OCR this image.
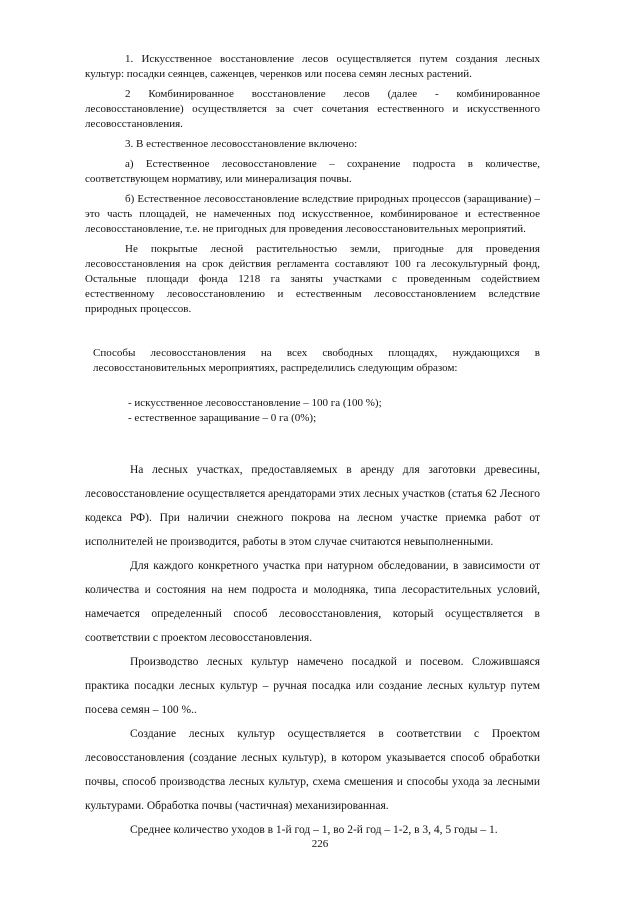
1. Искусственное восстановление лесов осуществляется путем создания лесных культур: посадки сеянцев, саженцев, черенков или посева семян лесных растений.

2 Комбинированное восстановление лесов (далее - комбинированное лесовосстановление) осуществляется за счет сочетания естественного и искусственного лесовосстановления.

3. В естественное лесовосстановление включено:

а) Естественное лесовосстановление – сохранение подроста в количестве, соответствующем нормативу, или минерализация почвы.

б) Естественное лесовосстановление вследствие природных процессов (заращивание) – это часть площадей, не намеченных под искусственное, комбинированое и естественное лесовосстановление, т.е. не пригодных для проведения лесовосстановительных мероприятий.

Не покрытые лесной растительностью земли, пригодные для проведения лесовосстановления на срок действия регламента составляют 100 га лесокультурный фонд, Остальные площади фонда 1218 га заняты участками с проведенным содействием естественному лесовосстановлению и естественным лесовосстановлением вследствие природных процессов.

Способы лесовосстановления на всех свободных площадях, нуждающихся в лесовосстановительных мероприятиях, распределились следующим образом:

- искусственное лесовосстановление – 100 га (100 %);

- естественное заращивание – 0 га (0%);

На лесных участках, предоставляемых в аренду для заготовки древесины, лесовосстановление осуществляется арендаторами этих лесных участков (статья 62 Лесного кодекса РФ). При наличии снежного покрова на лесном участке приемка работ от исполнителей не производится, работы в этом случае считаются невыполненными.

Для каждого конкретного участка при натурном обследовании, в зависимости от количества и состояния на нем подроста и молодняка, типа лесорастительных условий, намечается определенный способ лесовосстановления, который осуществляется в соответствии с проектом лесовосстановления.

Производство лесных культур намечено посадкой и посевом. Сложившаяся практика посадки лесных культур – ручная посадка или создание лесных культур путем посева семян – 100 %..

Создание лесных культур осуществляется в соответствии с Проектом лесовосстановления (создание лесных культур), в котором указывается способ обработки почвы, способ производства лесных культур, схема смешения и способы ухода за лесными культурами. Обработка почвы (частичная) механизированная.

Среднее количество уходов в 1-й год – 1, во 2-й год – 1-2, в 3, 4, 5 годы – 1.

226
